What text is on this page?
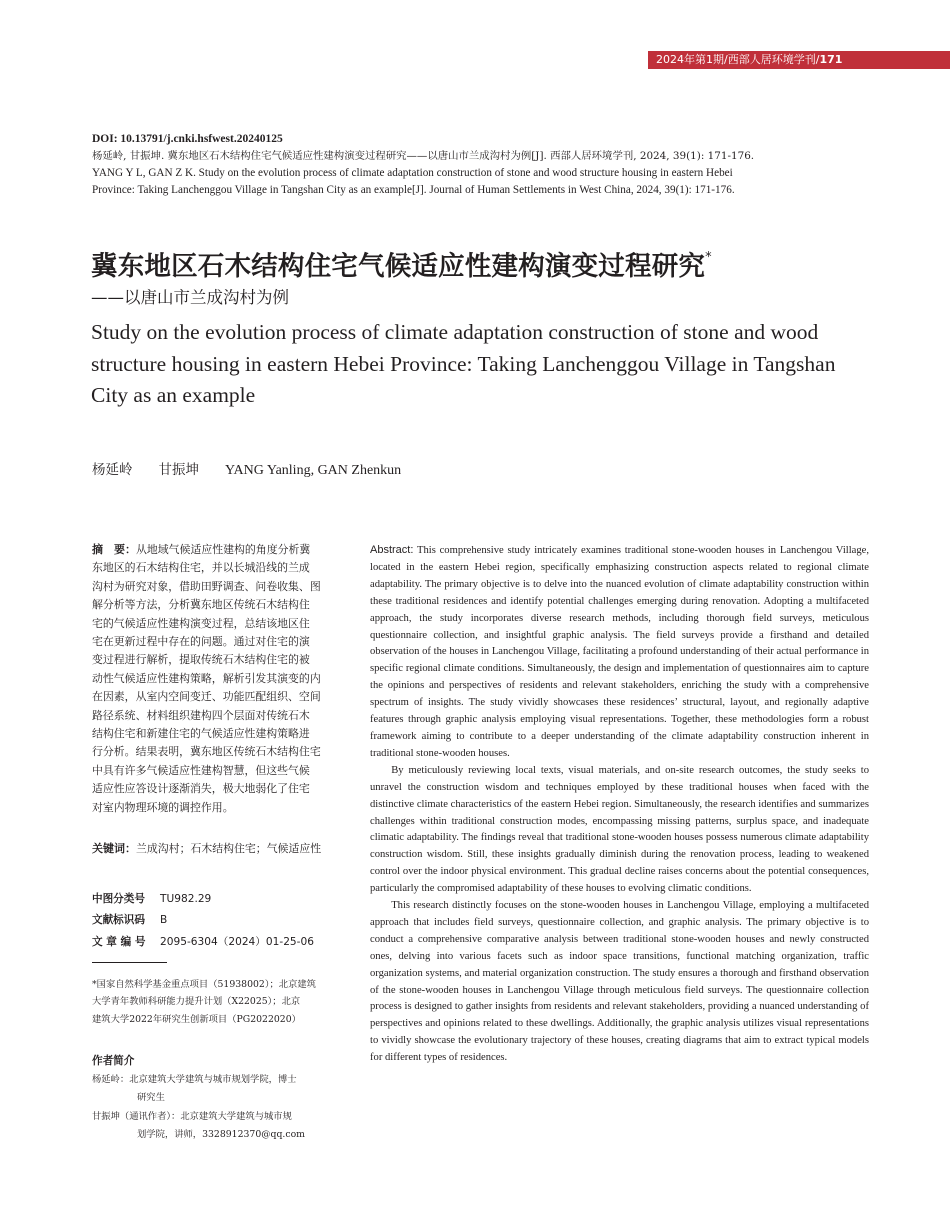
2024年第1期/西部人居环境学刊/171
DOI: 10.13791/j.cnki.hsfwest.20240125
杨延岭, 甘振坤. 冀东地区石木结构住宅气候适应性建构演变过程研究——以唐山市兰成沟村为例[J]. 西部人居环境学刊, 2024, 39(1): 171-176.
YANG Y L, GAN Z K. Study on the evolution process of climate adaptation construction of stone and wood structure housing in eastern Hebei
Province: Taking Lanchenggou Village in Tangshan City as an example[J]. Journal of Human Settlements in West China, 2024, 39(1): 171-176.
冀东地区石木结构住宅气候适应性建构演变过程研究*
——以唐山市兰成沟村为例
Study on the evolution process of climate adaptation construction of stone and wood
structure housing in eastern Hebei Province: Taking Lanchenggou Village in Tangshan
City as an example
杨延岭 甘振坤 YANG Yanling, GAN Zhenkun
摘　要：从地域气候适应性建构的角度分析冀
东地区的石木结构住宅，并以长城沿线的兰成
沟村为研究对象，借助田野调查、问卷收集、图
解分析等方法，分析冀东地区传统石木结构住
宅的气候适应性建构演变过程，总结该地区住
宅在更新过程中存在的问题。通过对住宅的演
变过程进行解析，提取传统石木结构住宅的被
动性气候适应性建构策略，解析引发其演变的内
在因素，从室内空间变迁、功能匹配组织、空间
路径系统、材料组织建构四个层面对传统石木
结构住宅和新建住宅的气候适应性建构策略进
行分析。结果表明，冀东地区传统石木结构住宅
中具有许多气候适应性建构智慧，但这些气候
适应性应答设计逐渐消失，极大地弱化了住宅
对室内物理环境的调控作用。
关键词：兰成沟村；石木结构住宅；气候适应性
中图分类号 TU982.29
文献标识码 B
文 章 编 号 2095-6304（2024）01-25-06
*国家自然科学基金重点项目（51938002）；北京建筑
大学青年教师科研能力提升计划（X22025）；北京
建筑大学2022年研究生创新项目（PG2022020）
作者简介
杨延岭：北京建筑大学建筑与城市规划学院，博士
研究生
甘振坤（通讯作者）：北京建筑大学建筑与城市规
划学院，讲师，3328912370@qq.com

Abstract: This comprehensive study intricately examines traditional stone-wooden houses in Lanchengou Village, located in the eastern Hebei region, specifically emphasizing construction aspects related to regional climate adaptability. The primary objective is to delve into the nuanced evolution of climate adaptability construction within these traditional residences and identify potential challenges emerging during renovation. Adopting a multifaceted approach, the study incorporates diverse research methods, including thorough field surveys, meticulous questionnaire collection, and insightful graphic analysis. The field surveys provide a firsthand and detailed observation of the houses in Lanchengou Village, facilitating a profound understanding of their actual performance in specific regional climate conditions. Simultaneously, the design and implementation of questionnaires aim to capture the opinions and perspectives of residents and relevant stakeholders, enriching the study with a comprehensive spectrum of insights. The study vividly showcases these residences’ structural, layout, and regionally adaptive features through graphic analysis employing visual representations. Together, these methodologies form a robust framework aiming to contribute to a deeper understanding of the climate adaptability construction inherent in traditional stone-wooden houses.

By meticulously reviewing local texts, visual materials, and on-site research outcomes, the study seeks to unravel the construction wisdom and techniques employed by these traditional houses when faced with the distinctive climate characteristics of the eastern Hebei region. Simultaneously, the research identifies and summarizes challenges within traditional construction modes, encompassing missing patterns, surplus space, and inadequate climatic adaptability. The findings reveal that traditional stone-wooden houses possess numerous climate adaptability construction wisdom. Still, these insights gradually diminish during the renovation process, leading to weakened control over the indoor physical environment. This gradual decline raises concerns about the potential consequences, particularly the compromised adaptability of these houses to evolving climatic conditions.

This research distinctly focuses on the stone-wooden houses in Lanchengou Village, employing a multifaceted approach that includes field surveys, questionnaire collection, and graphic analysis. The primary objective is to conduct a comprehensive comparative analysis between traditional stone-wooden houses and newly constructed ones, delving into various facets such as indoor space transitions, functional matching organization, traffic organization systems, and material organization construction. The study ensures a thorough and firsthand observation of the stone-wooden houses in Lanchengou Village through meticulous field surveys. The questionnaire collection process is designed to gather insights from residents and relevant stakeholders, providing a nuanced understanding of perspectives and opinions related to these dwellings. Additionally, the graphic analysis utilizes visual representations to vividly showcase the evolutionary trajectory of these houses, creating diagrams that aim to extract typical models for different types of residences.
